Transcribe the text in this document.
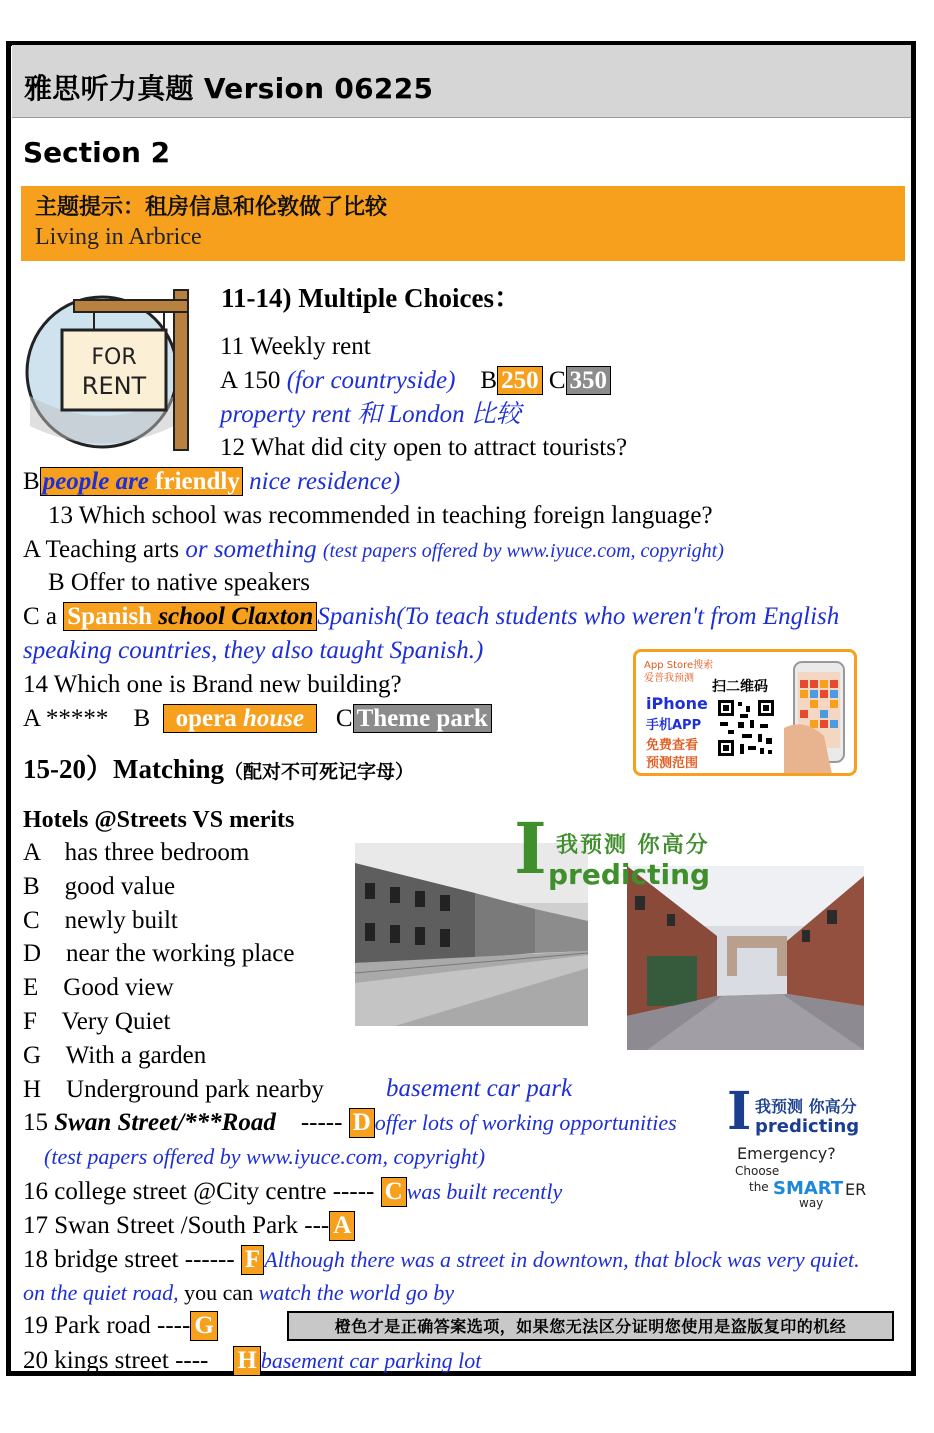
雅思听力真题 Version 06225
Section 2
主题提示：租房信息和伦敦做了比较
Living in Arbrice
FOR
RENT
11-14) Multiple Choices：
11 Weekly rent
A 150 (for countryside) B 250 C 350
property rent 和 London 比较
12 What did city open to attract tourists?
B people are friendly nice residence)
13 Which school was recommended in teaching foreign language?
A Teaching arts or something (test papers offered by www.iyuce.com, copyright)
B Offer to native speakers
C a Spanish school Claxton Spanish(To teach students who weren't from English
speaking countries, they also taught Spanish.)
14 Which one is Brand new building?
A ***** B opera house C Theme park
App Store搜索
爱普我预测
扫二维码
iPhone
手机APP
免费查看
预测范围
15-20）Matching（配对不可死记字母）
Hotels @Streets VS merits
A    has three bedroom
B    good value
C    newly built
D    near the working place
E    Good view
F    Very Quiet
G    With a garden
H    Underground park nearby basement car park
I 我预测 你高分
predicting
I 我预测 你高分
predicting
Emergency?
Choose
the SMART ER
way
15 Swan Street/***Road ----- D offer lots of working opportunities
(test papers offered by www.iyuce.com, copyright)
16 college street @City centre ----- C was built recently
17 Swan Street /South Park --- A
18 bridge street ------ F Although there was a street in downtown, that block was very quiet.
on the quiet road, you can watch the world go by
19 Park road ---- G	橙色才是正确答案选项，如果您无法区分证明您使用是盗版复印的机经
20 kings street ---- H basement car parking lot
